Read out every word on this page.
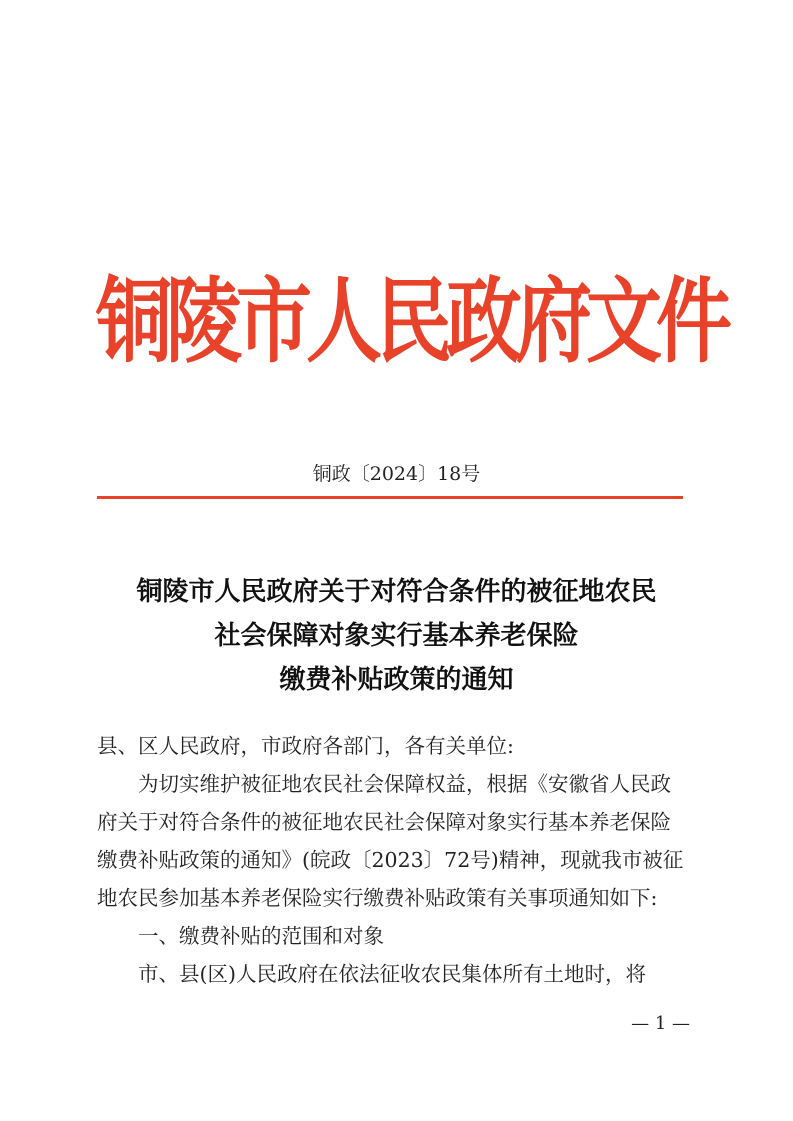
铜陵市人民政府文件
铜政〔2024〕18号
铜陵市人民政府关于对符合条件的被征地农民
社会保障对象实行基本养老保险
缴费补贴政策的通知

县、区人民政府，市政府各部门，各有关单位:

为切实维护被征地农民社会保障权益，根据《安徽省人民政府关于对符合条件的被征地农民社会保障对象实行基本养老保险缴费补贴政策的通知》(皖政〔2023〕72号)精神，现就我市被征地农民参加基本养老保险实行缴费补贴政策有关事项通知如下:

一、缴费补贴的范围和对象

市、县(区)人民政府在依法征收农民集体所有土地时，将

— 1 —
